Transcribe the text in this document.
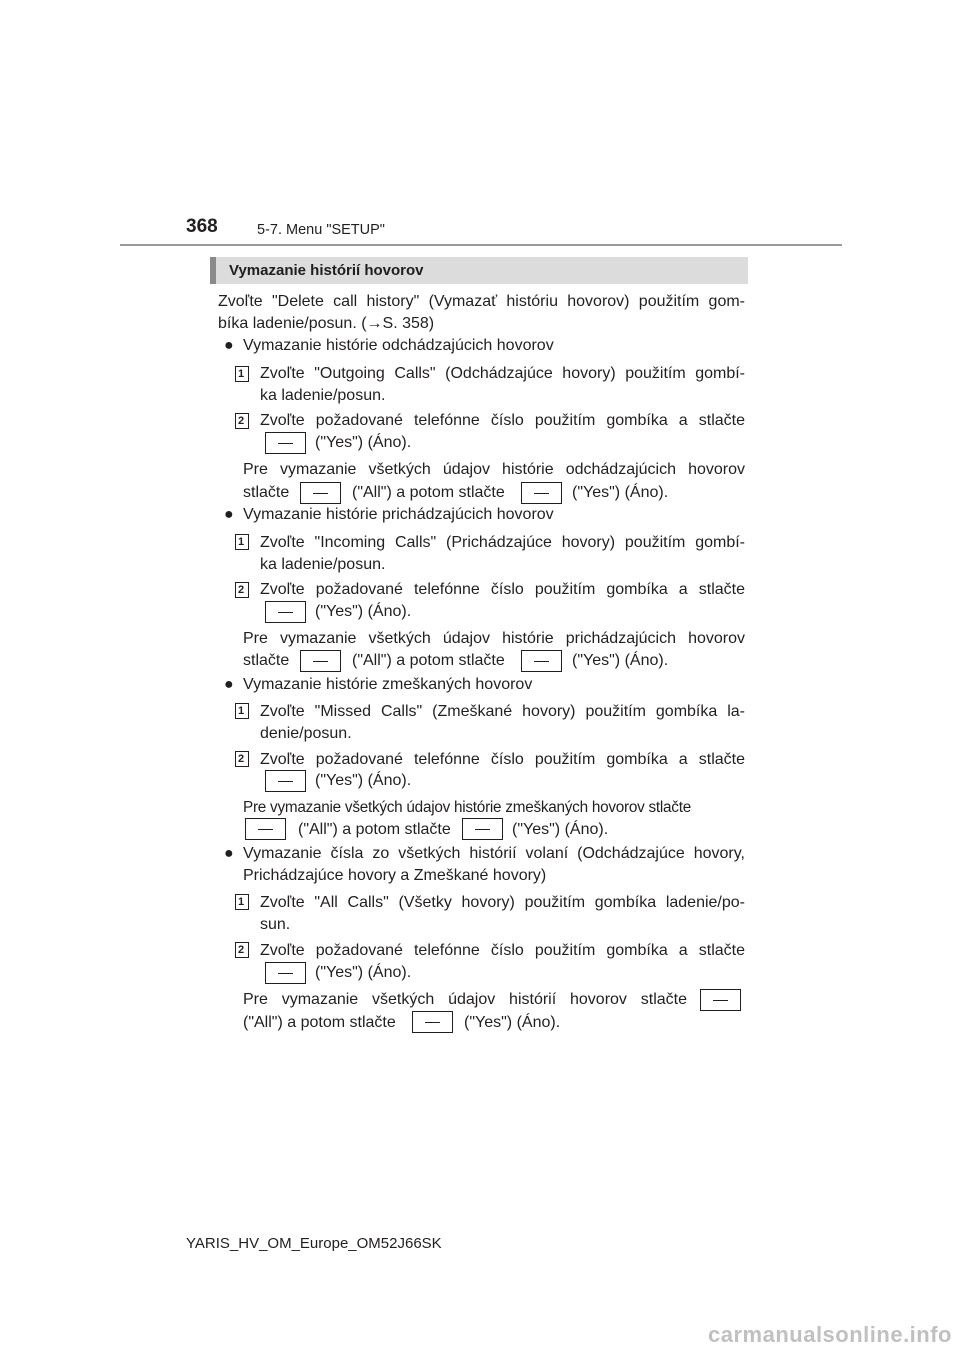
368	5-7. Menu "SETUP"
Vymazanie histórií hovorov
Zvoľte "Delete call history" (Vymazať históriu hovorov) použitím gom-
bíka ladenie/posun. (→S. 358)
● Vymazanie histórie odchádzajúcich hovorov
1 Zvoľte "Outgoing Calls" (Odchádzajúce hovory) použitím gombí-
ka ladenie/posun.
2 Zvoľte požadované telefónne číslo použitím gombíka a stlačte
("Yes") (Áno).
Pre vymazanie všetkých údajov histórie odchádzajúcich hovorov
stlačte	("All") a potom stlačte	("Yes") (Áno).
● Vymazanie histórie prichádzajúcich hovorov
1 Zvoľte "Incoming Calls" (Prichádzajúce hovory) použitím gombí-
ka ladenie/posun.
2 Zvoľte požadované telefónne číslo použitím gombíka a stlačte
("Yes") (Áno).
Pre vymazanie všetkých údajov histórie prichádzajúcich hovorov
stlačte	("All") a potom stlačte	("Yes") (Áno).
● Vymazanie histórie zmeškaných hovorov
1 Zvoľte "Missed Calls" (Zmeškané hovory) použitím gombíka la-
denie/posun.
2 Zvoľte požadované telefónne číslo použitím gombíka a stlačte
("Yes") (Áno).
Pre vymazanie všetkých údajov histórie zmeškaných hovorov stlačte
("All") a potom stlačte	("Yes") (Áno).
● Vymazanie čísla zo všetkých histórií volaní (Odchádzajúce hovory,
Prichádzajúce hovory a Zmeškané hovory)
1 Zvoľte "All Calls" (Všetky hovory) použitím gombíka ladenie/po-
sun.
2 Zvoľte požadované telefónne číslo použitím gombíka a stlačte
("Yes") (Áno).
Pre vymazanie všetkých údajov histórií hovorov stlačte
("All") a potom stlačte	("Yes") (Áno).
YARIS_HV_OM_Europe_OM52J66SK
carmanualsonline.info
